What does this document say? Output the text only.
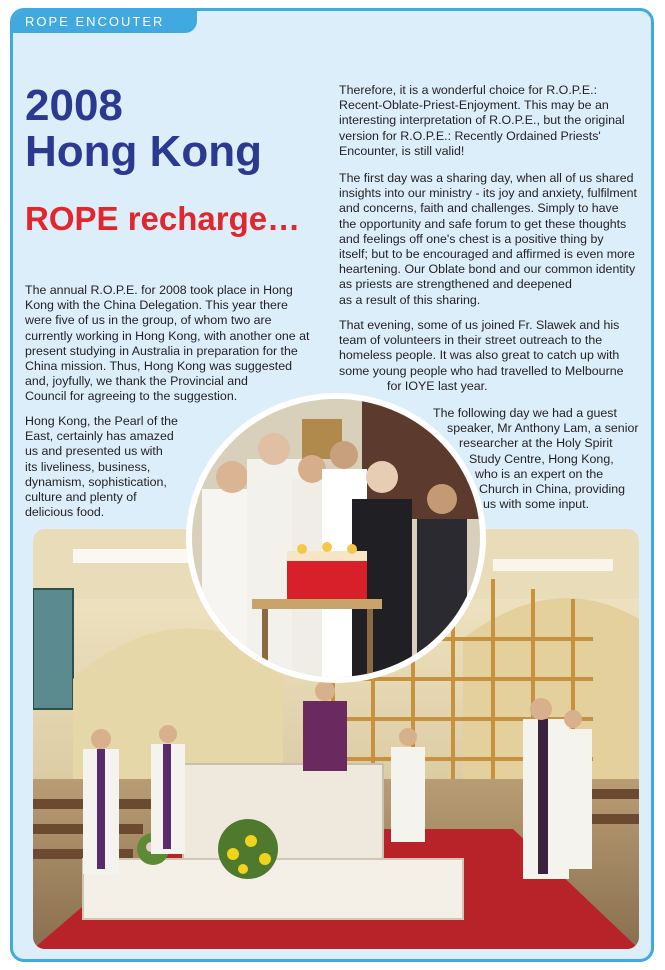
ROPE ENCOUTER
2008
Hong Kong
ROPE recharge…

The annual R.O.P.E. for 2008 took place in Hong
Kong with the China Delegation. This year there
were five of us in the group, of whom two are
currently working in Hong Kong, with another one at
present studying in Australia in preparation for the
China mission. Thus, Hong Kong was suggested
and, joyfully, we thank the Provincial and
Council for agreeing to the suggestion.

Hong Kong, the Pearl of the
East, certainly has amazed
us and presented us with
its liveliness, business,
dynamism, sophistication,
culture and plenty of
delicious food.

Therefore, it is a wonderful choice for R.O.P.E.:
Recent-Oblate-Priest-Enjoyment. This may be an
interesting interpretation of R.O.P.E., but the original
version for R.O.P.E.: Recently Ordained Priests'
Encounter, is still valid!

The first day was a sharing day, when all of us shared
insights into our ministry - its joy and anxiety, fulfilment
and concerns, faith and challenges. Simply to have
the opportunity and safe forum to get these thoughts
and feelings off one's chest is a positive thing by
itself; but to be encouraged and affirmed is even more
heartening. Our Oblate bond and our common identity
as priests are strengthened and deepened
as a result of this sharing.

That evening, some of us joined Fr. Slawek and his
team of volunteers in their street outreach to the
homeless people. It was also great to catch up with
some young people who had travelled to Melbourne
for IOYE last year.

The following day we had a guest
speaker, Mr Anthony Lam, a senior
researcher at the Holy Spirit
Study Centre, Hong Kong,
who is an expert on the
Church in China, providing
us with some input.
